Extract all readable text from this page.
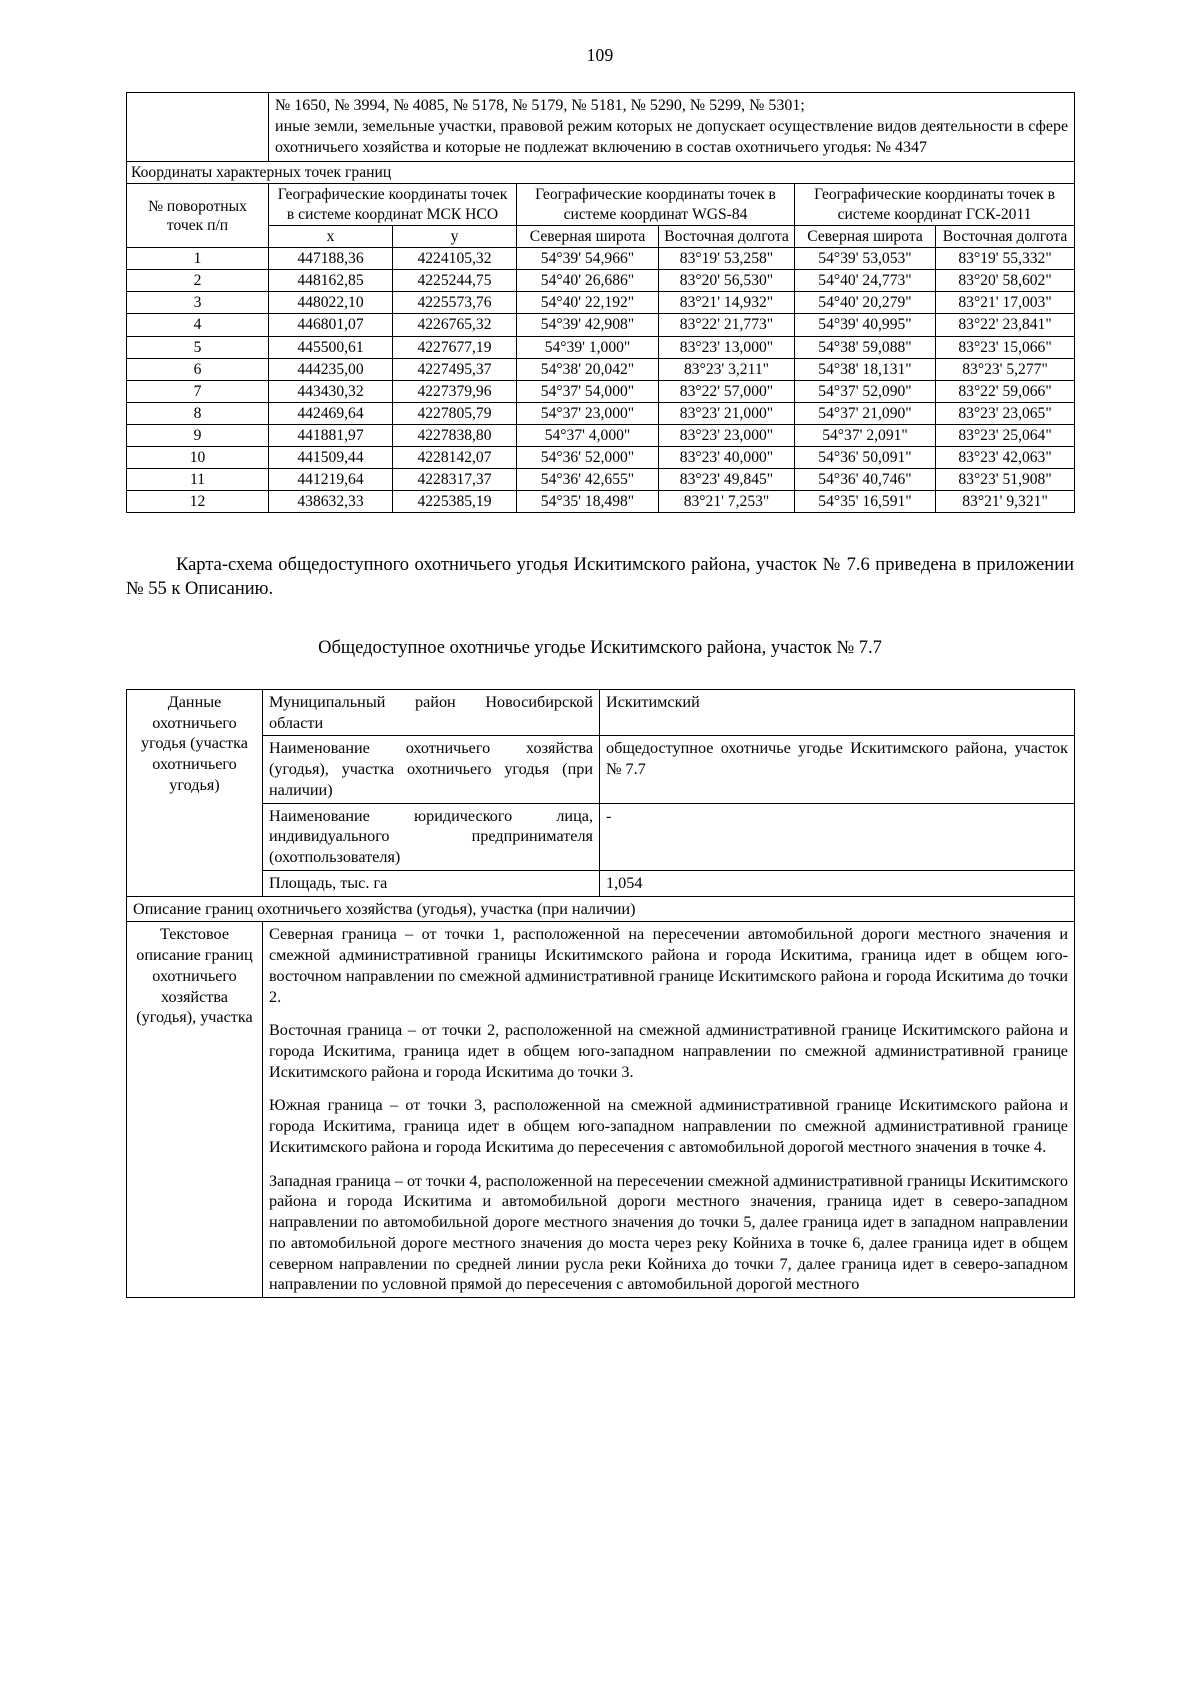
109

	№ 1650, № 3994, № 4085, № 5178, № 5179, № 5181, № 5290, № 5299, № 5301;
иные земли, земельные участки, правовой режим которых не допускает осуществление видов деятельности в сфере охотничьего хозяйства и которые не подлежат включению в состав охотничьего угодья: № 4347					

Координаты характерных точек границ						
№ поворотных точек п/п	Географические координаты точек в системе координат МСК НСО		Географические координаты точек в системе координат WGS-84		Географические координаты точек в системе координат ГСК-2011	
	x	y	Северная широта	Восточная долгота	Северная широта	Восточная долгота
1	447188,36	4224105,32	54°39' 54,966"	83°19' 53,258"	54°39' 53,053"	83°19' 55,332"
2	448162,85	4225244,75	54°40' 26,686"	83°20' 56,530"	54°40' 24,773"	83°20' 58,602"
3	448022,10	4225573,76	54°40' 22,192"	83°21' 14,932"	54°40' 20,279"	83°21' 17,003"
4	446801,07	4226765,32	54°39' 42,908"	83°22' 21,773"	54°39' 40,995"	83°22' 23,841"
5	445500,61	4227677,19	54°39' 1,000"	83°23' 13,000"	54°38' 59,088"	83°23' 15,066"
6	444235,00	4227495,37	54°38' 20,042"	83°23' 3,211"	54°38' 18,131"	83°23' 5,277"
7	443430,32	4227379,96	54°37' 54,000"	83°22' 57,000"	54°37' 52,090"	83°22' 59,066"
8	442469,64	4227805,79	54°37' 23,000"	83°23' 21,000"	54°37' 21,090"	83°23' 23,065"
9	441881,97	4227838,80	54°37' 4,000"	83°23' 23,000"	54°37' 2,091"	83°23' 25,064"
10	441509,44	4228142,07	54°36' 52,000"	83°23' 40,000"	54°36' 50,091"	83°23' 42,063"
11	441219,64	4228317,37	54°36' 42,655"	83°23' 49,845"	54°36' 40,746"	83°23' 51,908"
12	438632,33	4225385,19	54°35' 18,498"	83°21' 7,253"	54°35' 16,591"	83°21' 9,321"

Карта-схема общедоступного охотничьего угодья Искитимского района, участок № 7.6 приведена в приложении № 55 к Описанию.

Общедоступное охотничье угодье Искитимского района, участок № 7.7
Данные охотничьего угодья (участка охотничьего угодья)	Муниципальный район Новосибирской области	Искитимский
	Наименование охотничьего хозяйства (угодья), участка охотничьего угодья (при наличии)	общедоступное охотничье угодье Искитимского района, участок № 7.7
	Наименование юридического лица, индивидуального предпринимателя (охотпользователя)	-
	Площадь, тыс. га	1,054
Описание границ охотничьего хозяйства (угодья), участка (при наличии)		
Текстовое описание границ охотничьего хозяйства (угодья), участка	Северная граница – от точки 1, расположенной на пересечении автомобильной дороги местного значения и смежной административной границы Искитимского района и города Искитима, граница идет в общем юго-восточном направлении по смежной административной границе Искитимского района и города Искитима до точки 2.

Восточная граница – от точки 2, расположенной на смежной административной границе Искитимского района и города Искитима, граница идет в общем юго-западном направлении по смежной административной границе Искитимского района и города Искитима до точки 3.

Южная граница – от точки 3, расположенной на смежной административной границе Искитимского района и города Искитима, граница идет в общем юго-западном направлении по смежной административной границе Искитимского района и города Искитима до пересечения с автомобильной дорогой местного значения в точке 4.

Западная граница – от точки 4, расположенной на пересечении смежной административной границы Искитимского района и города Искитима и автомобильной дороги местного значения, граница идет в северо-западном направлении по автомобильной дороге местного значения до точки 5, далее граница идет в западном направлении по автомобильной дороге местного значения до моста через реку Койниха в точке 6, далее граница идет в общем северном направлении по средней линии русла реки Койниха до точки 7, далее граница идет в северо-западном направлении по условной прямой до пересечения с автомобильной дорогой местного	
